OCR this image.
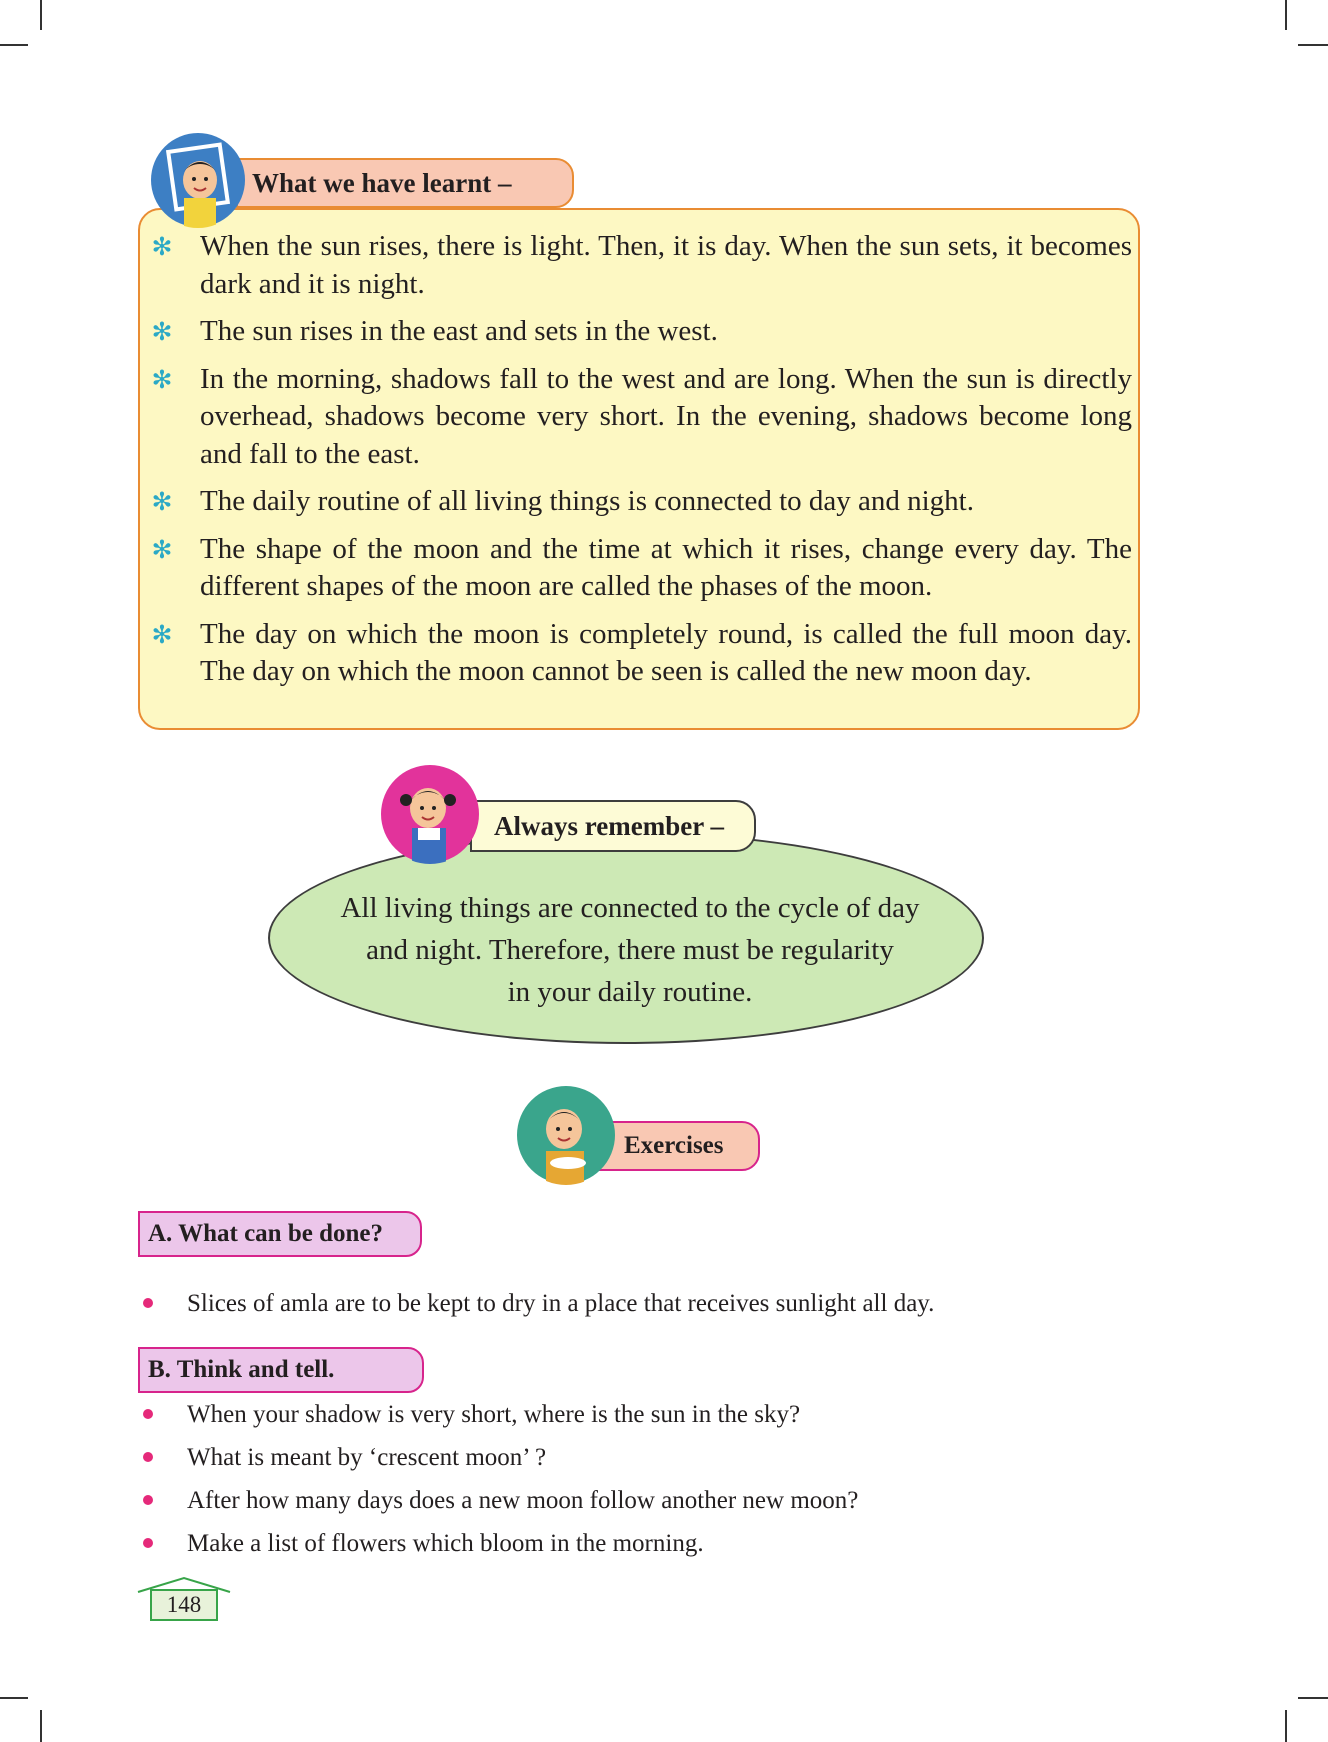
What we have learnt –
✻ When the sun rises, there is light. Then, it is day. When the sun sets, it becomes dark and it is night.
✻ The sun rises in the east and sets in the west.
✻ In the morning, shadows fall to the west and are long. When the sun is directly overhead, shadows become very short. In the evening, shadows become long and fall to the east.
✻ The daily routine of all living things is connected to day and night.
✻ The shape of the moon and the time at which it rises, change every day. The different shapes of the moon are called the phases of the moon.
✻ The day on which the moon is completely round, is called the full moon day. The day on which the moon cannot be seen is called the new moon day.
Always remember –

All living things are connected to the cycle of day
and night. Therefore, there must be regularity
in your daily routine.

Exercises
A. What can be done?
Slices of amla are to be kept to dry in a place that receives sunlight all day.
B. Think and tell.
When your shadow is very short, where is the sun in the sky?
What is meant by ‘crescent moon’ ?
After how many days does a new moon follow another new moon?
Make a list of flowers which bloom in the morning.
148
